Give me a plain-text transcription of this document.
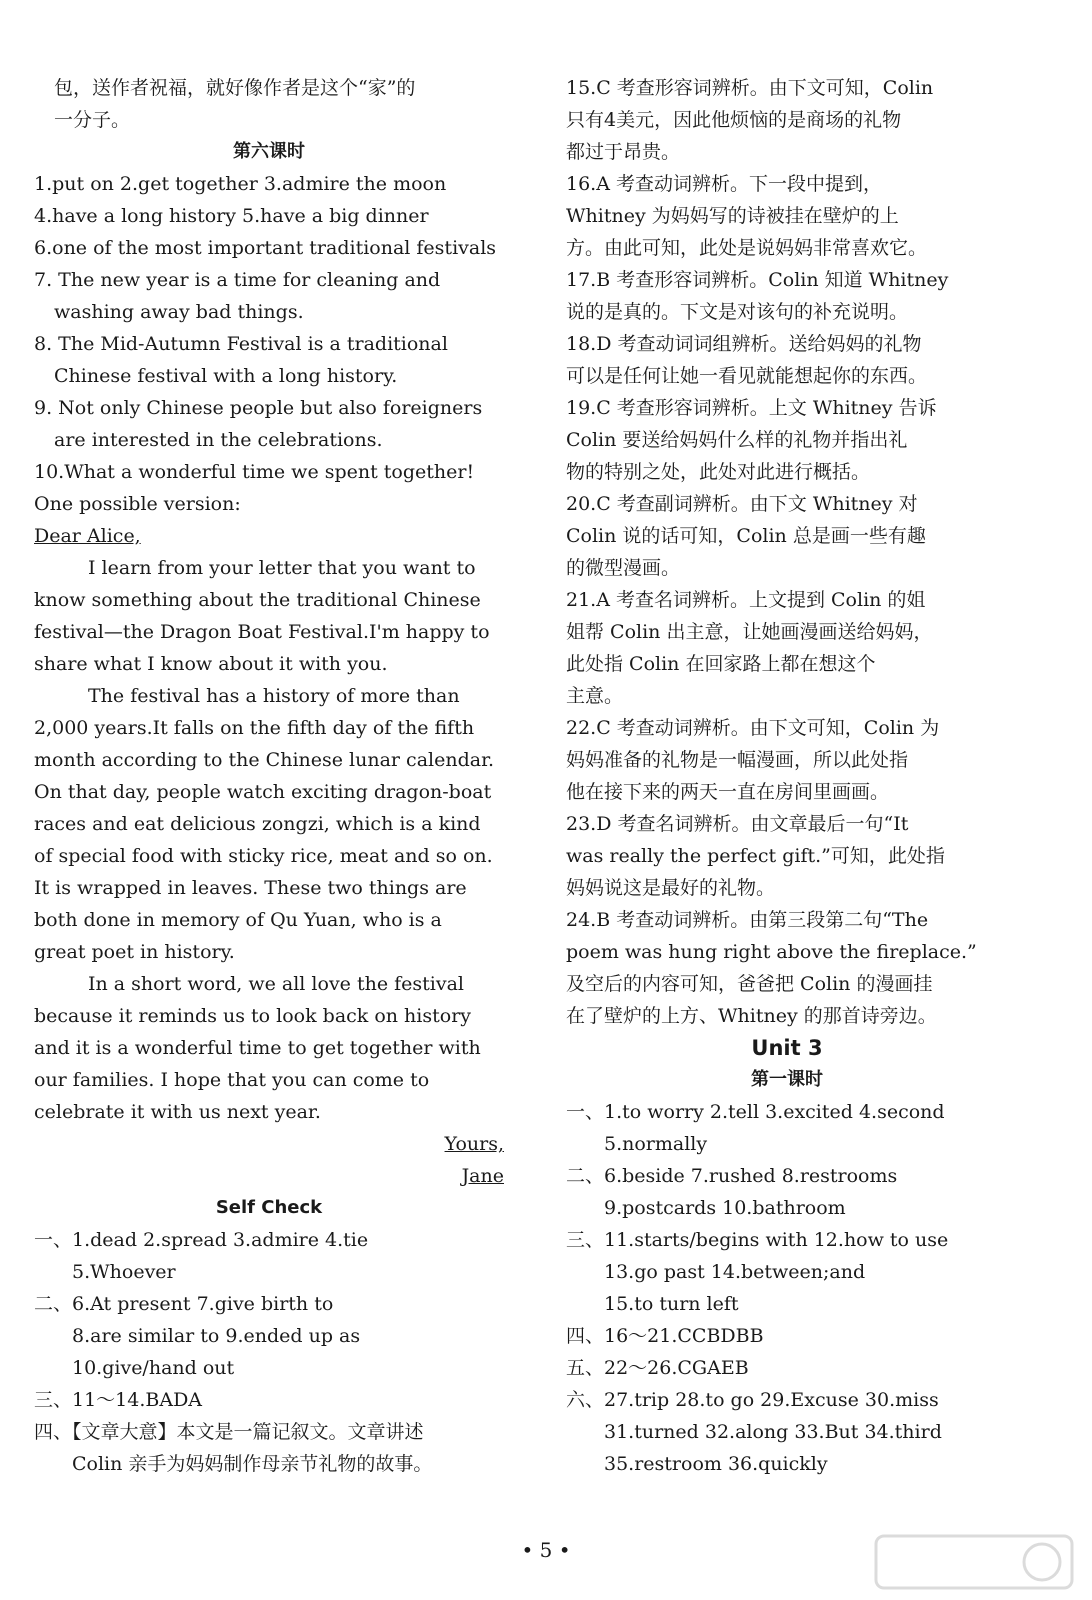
包，送作者祝福，就好像作者是这个“家”的
一分子。
第六课时
1.put on 2.get together 3.admire the moon
4.have a long history 5.have a big dinner
6.one of the most important traditional festivals
7. The new year is a time for cleaning and
washing away bad things.
8. The Mid-Autumn Festival is a traditional
Chinese festival with a long history.
9. Not only Chinese people but also foreigners
are interested in the celebrations.
10.What a wonderful time we spent together!
One possible version:
Dear Alice,
I learn from your letter that you want to
know something about the traditional Chinese
festival—the Dragon Boat Festival.I'm happy to
share what I know about it with you.
The festival has a history of more than
2,000 years.It falls on the fifth day of the fifth
month according to the Chinese lunar calendar.
On that day, people watch exciting dragon-boat
races and eat delicious zongzi, which is a kind
of special food with sticky rice, meat and so on.
It is wrapped in leaves. These two things are
both done in memory of Qu Yuan, who is a
great poet in history.
In a short word, we all love the festival
because it reminds us to look back on history
and it is a wonderful time to get together with
our families. I hope that you can come to
celebrate it with us next year.
Yours,
Jane
Self Check
一、1.dead 2.spread 3.admire 4.tie
5.Whoever
二、6.At present 7.give birth to
8.are similar to 9.ended up as
10.give/hand out
三、11～14.BADA
四、【文章大意】本文是一篇记叙文。文章讲述
Colin 亲手为妈妈制作母亲节礼物的故事。
15.C 考查形容词辨析。由下文可知，Colin
只有4美元，因此他烦恼的是商场的礼物
都过于昂贵。
16.A 考查动词辨析。下一段中提到，
Whitney 为妈妈写的诗被挂在壁炉的上
方。由此可知，此处是说妈妈非常喜欢它。
17.B 考查形容词辨析。Colin 知道 Whitney
说的是真的。下文是对该句的补充说明。
18.D 考查动词词组辨析。送给妈妈的礼物
可以是任何让她一看见就能想起你的东西。
19.C 考查形容词辨析。上文 Whitney 告诉
Colin 要送给妈妈什么样的礼物并指出礼
物的特别之处，此处对此进行概括。
20.C 考查副词辨析。由下文 Whitney 对
Colin 说的话可知，Colin 总是画一些有趣
的微型漫画。
21.A 考查名词辨析。上文提到 Colin 的姐
姐帮 Colin 出主意，让她画漫画送给妈妈，
此处指 Colin 在回家路上都在想这个
主意。
22.C 考查动词辨析。由下文可知，Colin 为
妈妈准备的礼物是一幅漫画，所以此处指
他在接下来的两天一直在房间里画画。
23.D 考查名词辨析。由文章最后一句“It
was really the perfect gift.”可知，此处指
妈妈说这是最好的礼物。
24.B 考查动词辨析。由第三段第二句“The
poem was hung right above the fireplace.”
及空后的内容可知，爸爸把 Colin 的漫画挂
在了壁炉的上方、Whitney 的那首诗旁边。
Unit 3
第一课时
一、1.to worry 2.tell 3.excited 4.second
5.normally
二、6.beside 7.rushed 8.restrooms
9.postcards 10.bathroom
三、11.starts/begins with 12.how to use
13.go past 14.between;and
15.to turn left
四、16～21.CCBDBB
五、22～26.CGAEB
六、27.trip 28.to go 29.Excuse 30.miss
31.turned 32.along 33.But 34.third
35.restroom 36.quickly
• 5 •
